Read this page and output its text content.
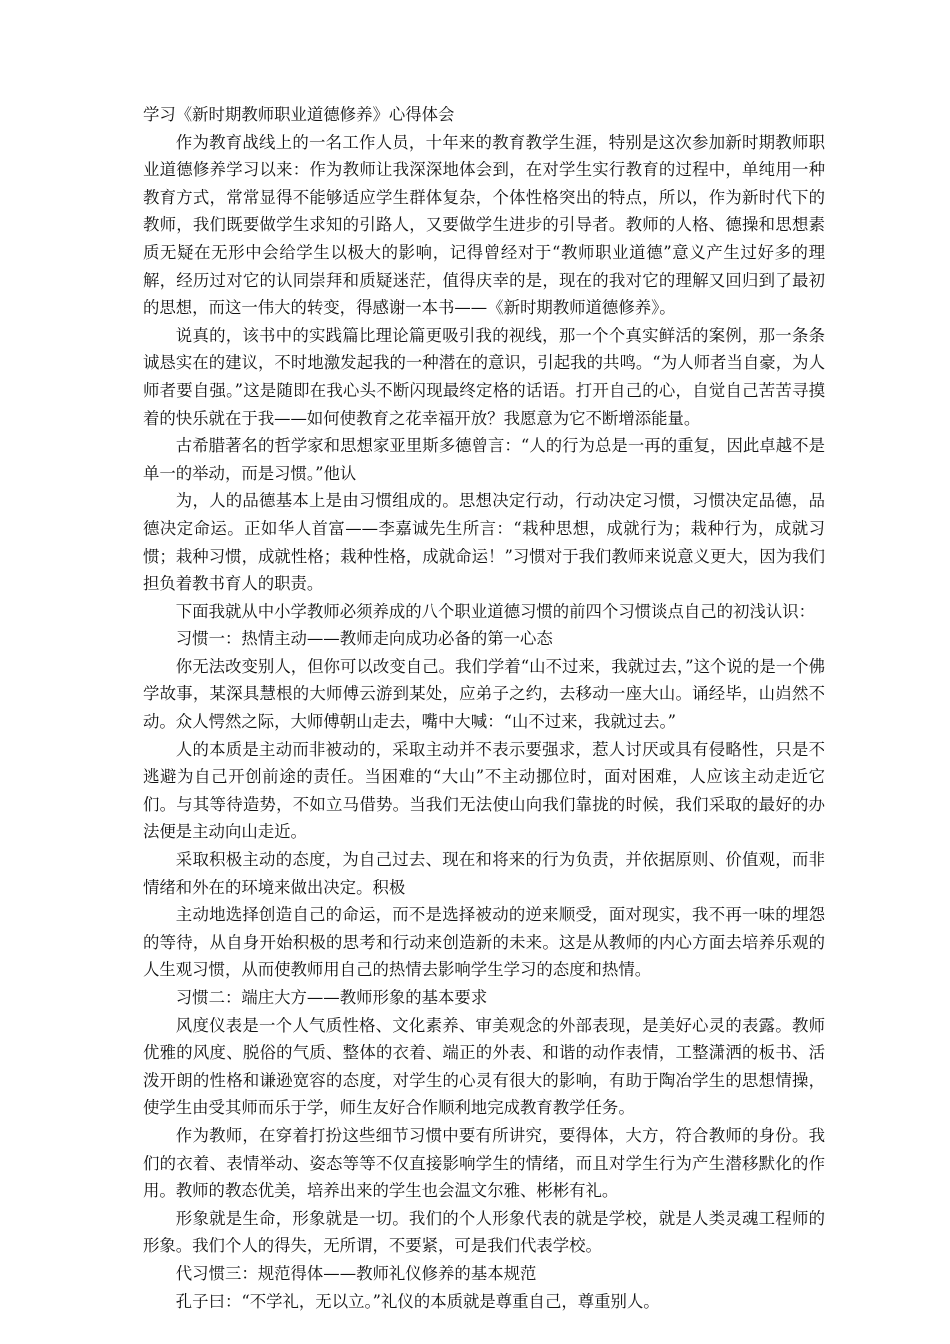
学习《新时期教师职业道德修养》心得体会

作为教育战线上的一名工作人员，十年来的教育教学生涯，特别是这次参加新时期教师职业道德修养学习以来：作为教师让我深深地体会到，在对学生实行教育的过程中，单纯用一种教育方式，常常显得不能够适应学生群体复杂，个体性格突出的特点，所以，作为新时代下的教师，我们既要做学生求知的引路人，又要做学生进步的引导者。教师的人格、德操和思想素质无疑在无形中会给学生以极大的影响，记得曾经对于“教师职业道德”意义产生过好多的理解，经历过对它的认同崇拜和质疑迷茫，值得庆幸的是，现在的我对它的理解又回归到了最初的思想，而这一伟大的转变，得感谢一本书——《新时期教师道德修养》。

说真的，该书中的实践篇比理论篇更吸引我的视线，那一个个真实鲜活的案例，那一条条诚恳实在的建议，不时地激发起我的一种潜在的意识，引起我的共鸣。“为人师者当自豪，为人师者要自强。”这是随即在我心头不断闪现最终定格的话语。打开自己的心，自觉自己苦苦寻摸着的快乐就在于我——如何使教育之花幸福开放？我愿意为它不断增添能量。

古希腊著名的哲学家和思想家亚里斯多德曾言：“人的行为总是一再的重复，因此卓越不是单一的举动，而是习惯。”他认

为，人的品德基本上是由习惯组成的。思想决定行动，行动决定习惯，习惯决定品德，品德决定命运。正如华人首富——李嘉诚先生所言：“栽种思想，成就行为；栽种行为，成就习惯；栽种习惯，成就性格；栽种性格，成就命运！”习惯对于我们教师来说意义更大，因为我们担负着教书育人的职责。

下面我就从中小学教师必须养成的八个职业道德习惯的前四个习惯谈点自己的初浅认识：

习惯一：热情主动——教师走向成功必备的第一心态

你无法改变别人，但你可以改变自己。我们学着“山不过来，我就过去，”这个说的是一个佛学故事，某深具慧根的大师傅云游到某处，应弟子之约，去移动一座大山。诵经毕，山岿然不动。众人愕然之际，大师傅朝山走去，嘴中大喊：“山不过来，我就过去。”

人的本质是主动而非被动的，采取主动并不表示要强求，惹人讨厌或具有侵略性，只是不逃避为自己开创前途的责任。当困难的“大山”不主动挪位时，面对困难，人应该主动走近它们。与其等待造势，不如立马借势。当我们无法使山向我们靠拢的时候，我们采取的最好的办法便是主动向山走近。

采取积极主动的态度，为自己过去、现在和将来的行为负责，并依据原则、价值观，而非情绪和外在的环境来做出决定。积极

主动地选择创造自己的命运，而不是选择被动的逆来顺受，面对现实，我不再一味的埋怨的等待，从自身开始积极的思考和行动来创造新的未来。这是从教师的内心方面去培养乐观的人生观习惯，从而使教师用自己的热情去影响学生学习的态度和热情。

习惯二：端庄大方——教师形象的基本要求

风度仪表是一个人气质性格、文化素养、审美观念的外部表现，是美好心灵的表露。教师优雅的风度、脱俗的气质、整体的衣着、端正的外表、和谐的动作表情，工整潇洒的板书、活泼开朗的性格和谦逊宽容的态度，对学生的心灵有很大的影响，有助于陶冶学生的思想情操，使学生由受其师而乐于学，师生友好合作顺利地完成教育教学任务。

作为教师，在穿着打扮这些细节习惯中要有所讲究，要得体，大方，符合教师的身份。我们的衣着、表情举动、姿态等等不仅直接影响学生的情绪，而且对学生行为产生潜移默化的作用。教师的教态优美，培养出来的学生也会温文尔雅、彬彬有礼。

形象就是生命，形象就是一切。我们的个人形象代表的就是学校，就是人类灵魂工程师的形象。我们个人的得失，无所谓，不要紧，可是我们代表学校。

代习惯三：规范得体——教师礼仪修养的基本规范

孔子曰：“不学礼，无以立。”礼仪的本质就是尊重自己，尊重别人。
